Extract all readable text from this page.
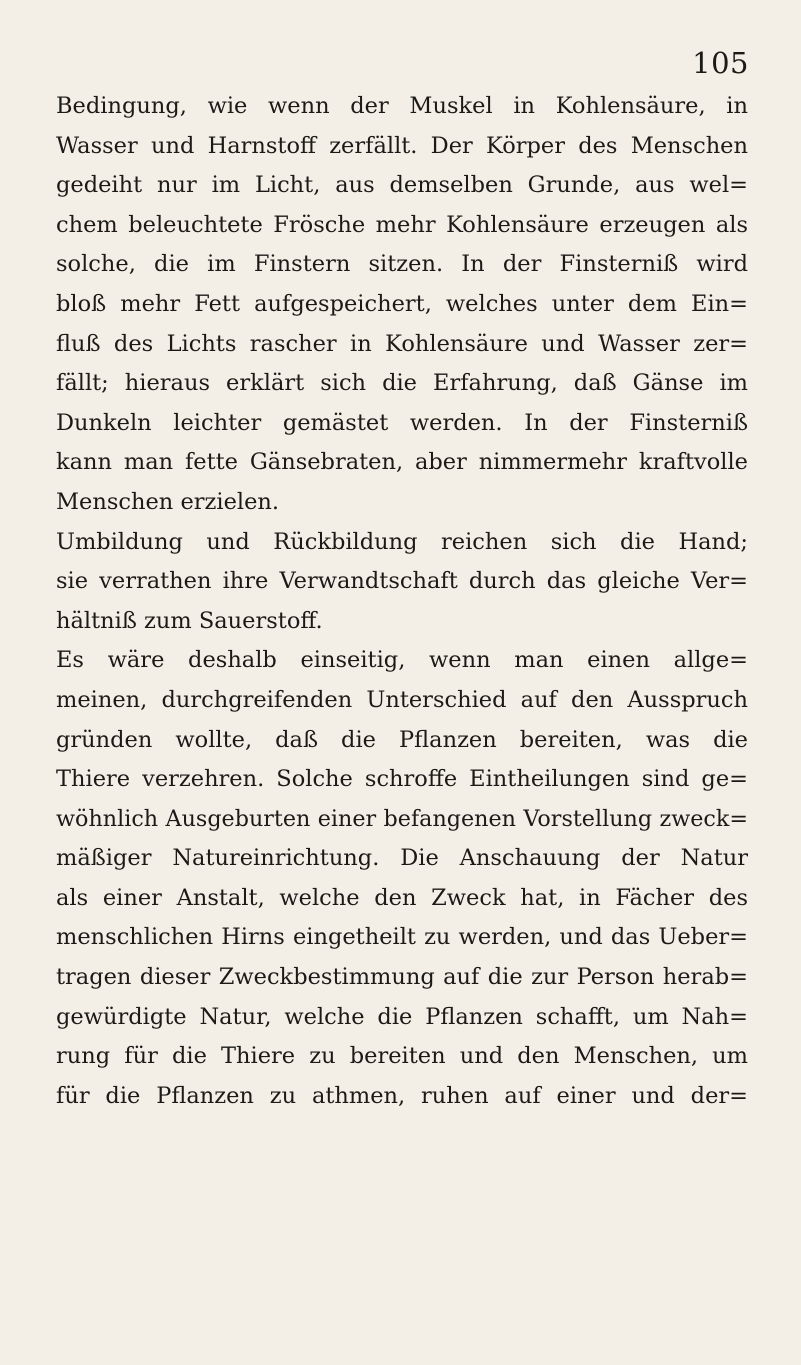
105
Bedingung, wie wenn der Muskel in Kohlensäure, in
Wasser und Harnstoff zerfällt. Der Körper des Menschen
gedeiht nur im Licht, aus demselben Grunde, aus wel=
chem beleuchtete Frösche mehr Kohlensäure erzeugen als
solche, die im Finstern sitzen. In der Finsterniß wird
bloß mehr Fett aufgespeichert, welches unter dem Ein=
fluß des Lichts rascher in Kohlensäure und Wasser zer=
fällt; hieraus erklärt sich die Erfahrung, daß Gänse im
Dunkeln leichter gemästet werden. In der Finsterniß
kann man fette Gänsebraten, aber nimmermehr kraftvolle
Menschen erzielen.
Umbildung und Rückbildung reichen sich die Hand;
sie verrathen ihre Verwandtschaft durch das gleiche Ver=
hältniß zum Sauerstoff.
Es wäre deshalb einseitig, wenn man einen allge=
meinen, durchgreifenden Unterschied auf den Ausspruch
gründen wollte, daß die Pflanzen bereiten, was die
Thiere verzehren. Solche schroffe Eintheilungen sind ge=
wöhnlich Ausgeburten einer befangenen Vorstellung zweck=
mäßiger Natureinrichtung. Die Anschauung der Natur
als einer Anstalt, welche den Zweck hat, in Fächer des
menschlichen Hirns eingetheilt zu werden, und das Ueber=
tragen dieser Zweckbestimmung auf die zur Person herab=
gewürdigte Natur, welche die Pflanzen schafft, um Nah=
rung für die Thiere zu bereiten und den Menschen, um
für die Pflanzen zu athmen, ruhen auf einer und der=
